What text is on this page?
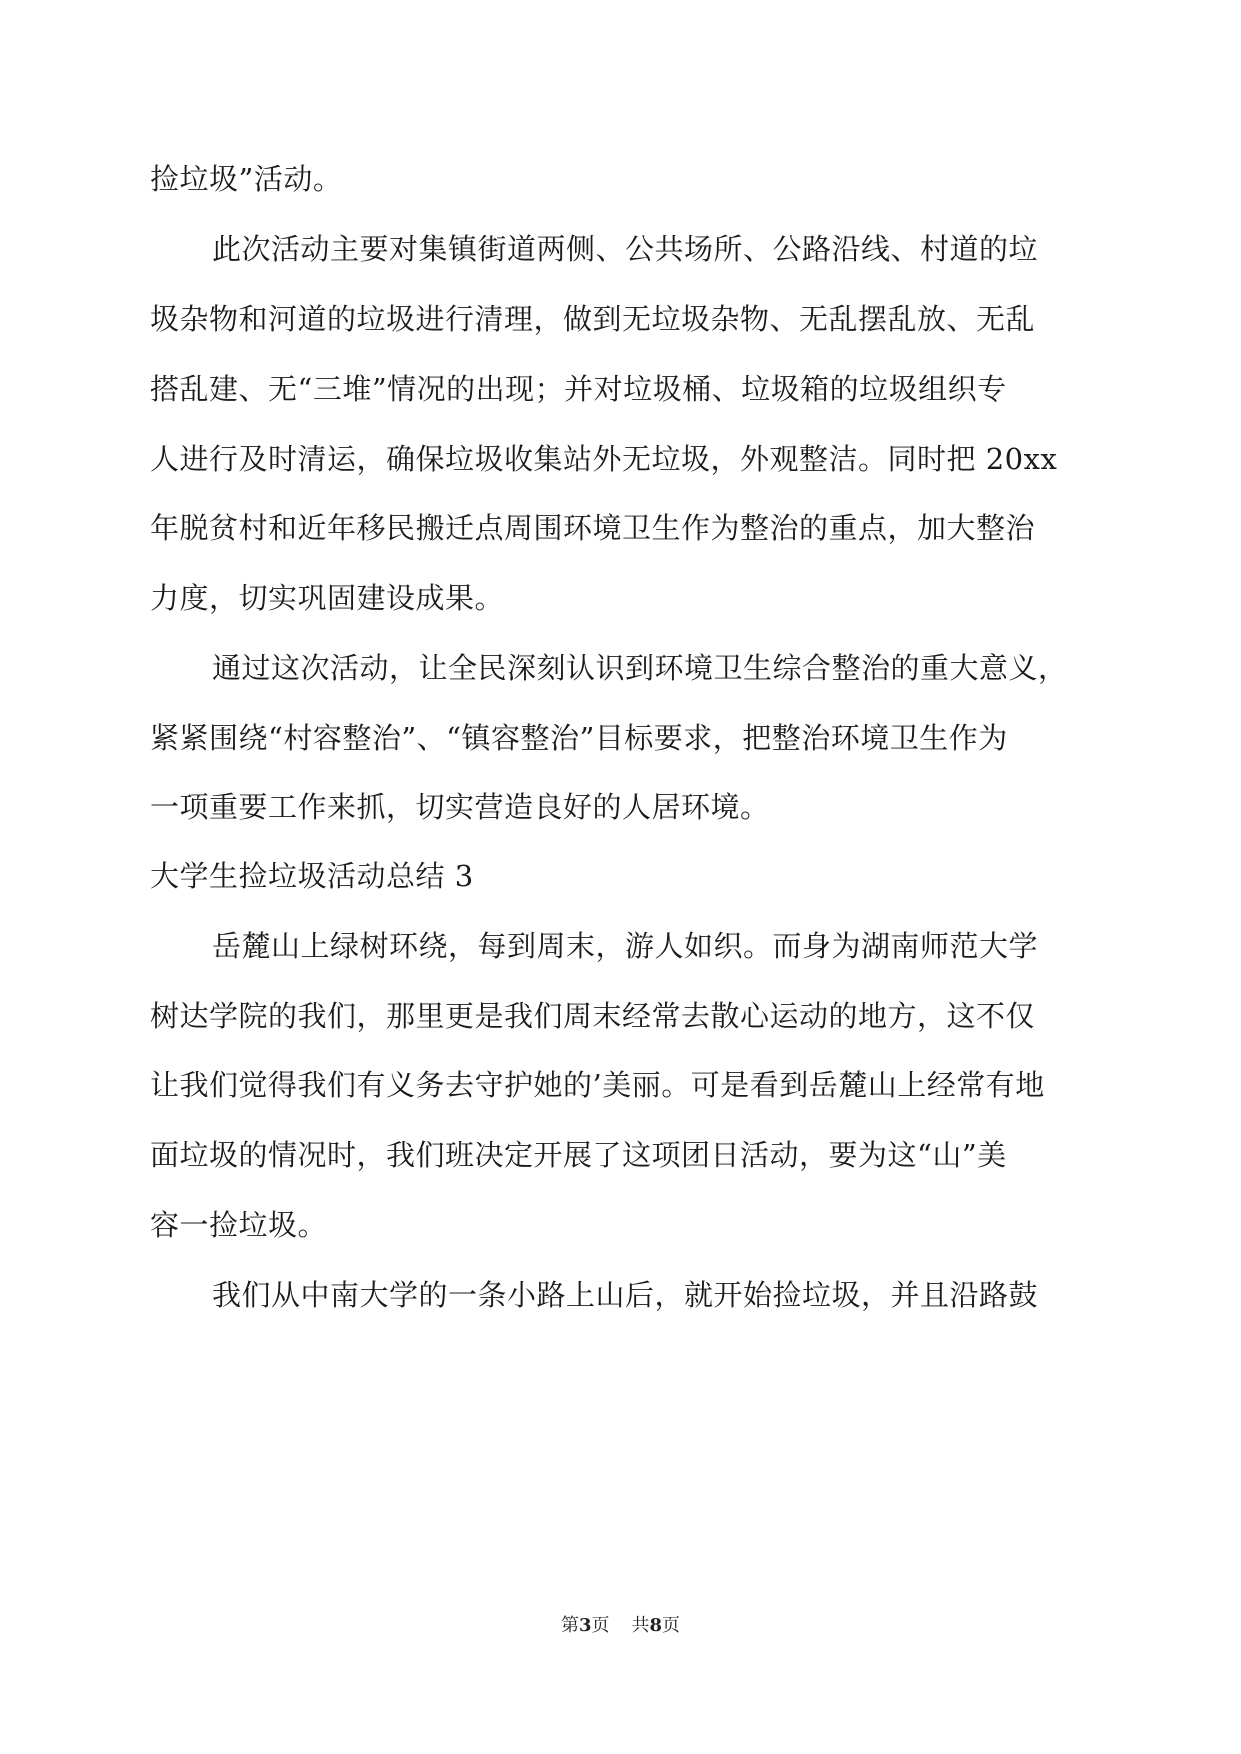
捡垃圾”活动。
此次活动主要对集镇街道两侧、公共场所、公路沿线、村道的垃
圾杂物和河道的垃圾进行清理，做到无垃圾杂物、无乱摆乱放、无乱
搭乱建、无“三堆”情况的出现；并对垃圾桶、垃圾箱的垃圾组织专
人进行及时清运，确保垃圾收集站外无垃圾，外观整洁。同时把 20xx
年脱贫村和近年移民搬迁点周围环境卫生作为整治的重点，加大整治
力度，切实巩固建设成果。
通过这次活动，让全民深刻认识到环境卫生综合整治的重大意义，
紧紧围绕“村容整治”、“镇容整治”目标要求，把整治环境卫生作为
一项重要工作来抓，切实营造良好的人居环境。
大学生捡垃圾活动总结 3
岳麓山上绿树环绕，每到周末，游人如织。而身为湖南师范大学
树达学院的我们，那里更是我们周末经常去散心运动的地方，这不仅
让我们觉得我们有义务去守护她的’美丽。可是看到岳麓山上经常有地
面垃圾的情况时，我们班决定开展了这项团日活动，要为这“山”美
容一捡垃圾。
我们从中南大学的一条小路上山后，就开始捡垃圾，并且沿路鼓
第3页 共8页
